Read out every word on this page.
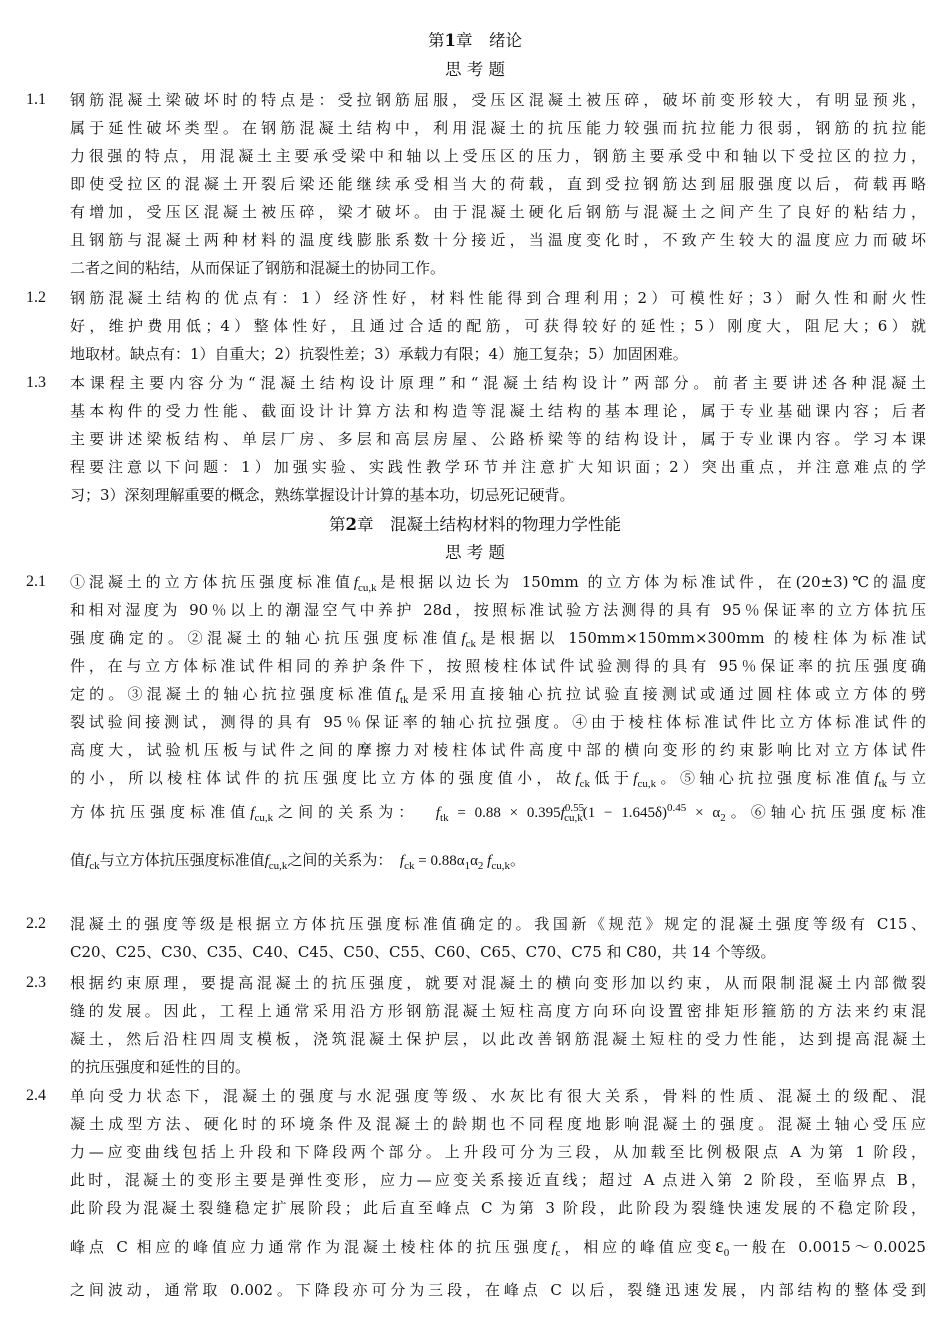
第1章　绪论
思 考 题
1.1 钢筋混凝土梁破坏时的特点是：受拉钢筋屈服，受压区混凝土被压碎，破坏前变形较大，有明显预兆，
属于延性破坏类型。在钢筋混凝土结构中，利用混凝土的抗压能力较强而抗拉能力很弱，钢筋的抗拉能
力很强的特点，用混凝土主要承受梁中和轴以上受压区的压力，钢筋主要承受中和轴以下受拉区的拉力，
即使受拉区的混凝土开裂后梁还能继续承受相当大的荷载，直到受拉钢筋达到屈服强度以后，荷载再略
有增加，受压区混凝土被压碎，梁才破坏。由于混凝土硬化后钢筋与混凝土之间产生了良好的粘结力，
且钢筋与混凝土两种材料的温度线膨胀系数十分接近，当温度变化时，不致产生较大的温度应力而破坏
二者之间的粘结，从而保证了钢筋和混凝土的协同工作。
1.2 钢筋混凝土结构的优点有：1）经济性好，材料性能得到合理利用；2）可模性好；3）耐久性和耐火性
好，维护费用低；4）整体性好，且通过合适的配筋，可获得较好的延性；5）刚度大，阻尼大；6）就
地取材。缺点有：1）自重大；2）抗裂性差；3）承载力有限；4）施工复杂；5）加固困难。
1.3 本课程主要内容分为“混凝土结构设计原理”和“混凝土结构设计”两部分。前者主要讲述各种混凝土
基本构件的受力性能、截面设计计算方法和构造等混凝土结构的基本理论，属于专业基础课内容；后者
主要讲述梁板结构、单层厂房、多层和高层房屋、公路桥梁等的结构设计，属于专业课内容。学习本课
程要注意以下问题：1）加强实验、实践性教学环节并注意扩大知识面；2）突出重点，并注意难点的学
习；3）深刻理解重要的概念，熟练掌握设计计算的基本功，切忌死记硬背。
第2章　混凝土结构材料的物理力学性能
思 考 题
2.1 ①混凝土的立方体抗压强度标准值$f_{cu,k}$是根据以边长为 150mm 的立方体为标准试件，在(20±3)℃的温度
和相对湿度为 90％以上的潮湿空气中养护 28d，按照标准试验方法测得的具有 95％保证率的立方体抗压
强度确定的。②混凝土的轴心抗压强度标准值$f_{ck}$是根据以 150mm×150mm×300mm 的棱柱体为标准试
件，在与立方体标准试件相同的养护条件下，按照棱柱体试件试验测得的具有 95％保证率的抗压强度确
定的。③混凝土的轴心抗拉强度标准值$f_{tk}$是采用直接轴心抗拉试验直接测试或通过圆柱体或立方体的劈
裂试验间接测试，测得的具有 95％保证率的轴心抗拉强度。④由于棱柱体标准试件比立方体标准试件的
高度大，试验机压板与试件之间的摩擦力对棱柱体试件高度中部的横向变形的约束影响比对立方体试件
的小，所以棱柱体试件的抗压强度比立方体的强度值小，故$f_{ck}$低于$f_{cu,k}$。⑤轴心抗拉强度标准值$f_{tk}$与立
方体抗压强度标准值$f_{cu,k}$之间的关系为： $f_{tk} = 0.88 \times 0.395f^{0.55}_{cu,k}(1 - 1.645\delta)^{0.45} \times \alpha_2$。⑥轴心抗压强度标准
值$f_{ck}$与立方体抗压强度标准值$f_{cu,k}$之间的关系为： $f_{ck} = 0.88\alpha_1\alpha_2$ $f_{cu,k}$。
2.2 混凝土的强度等级是根据立方体抗压强度标准值确定的。我国新《规范》规定的混凝土强度等级有 C15、
C20、C25、C30、C35、C40、C45、C50、C55、C60、C65、C70、C75 和 C80，共 14 个等级。
2.3 根据约束原理，要提高混凝土的抗压强度，就要对混凝土的横向变形加以约束，从而限制混凝土内部微裂
缝的发展。因此，工程上通常采用沿方形钢筋混凝土短柱高度方向环向设置密排矩形箍筋的方法来约束混
凝土，然后沿柱四周支模板，浇筑混凝土保护层，以此改善钢筋混凝土短柱的受力性能，达到提高混凝土
的抗压强度和延性的目的。
2.4 单向受力状态下，混凝土的强度与水泥强度等级、水灰比有很大关系，骨料的性质、混凝土的级配、混
凝土成型方法、硬化时的环境条件及混凝土的龄期也不同程度地影响混凝土的强度。混凝土轴心受压应
力—应变曲线包括上升段和下降段两个部分。上升段可分为三段，从加载至比例极限点 A 为第 1 阶段，
此时，混凝土的变形主要是弹性变形，应力—应变关系接近直线；超过 A 点进入第 2 阶段，至临界点 B，
此阶段为混凝土裂缝稳定扩展阶段；此后直至峰点 C 为第 3 阶段，此阶段为裂缝快速发展的不稳定阶段，
峰点 C 相应的峰值应力通常作为混凝土棱柱体的抗压强度$f_c$，相应的峰值应变$\varepsilon_0$一般在 0.0015～0.0025
之间波动，通常取 0.002。下降段亦可分为三段，在峰点 C 以后，裂缝迅速发展，内部结构的整体受到
